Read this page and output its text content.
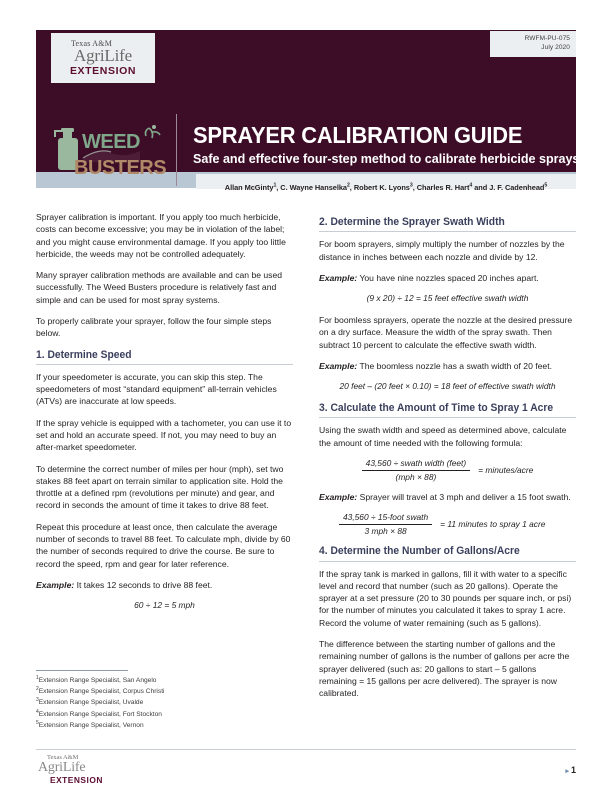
Texas A&M
AgriLife
EXTENSION
RWFM-PU-075
July 2020
WEED
BUSTERS
SPRAYER CALIBRATION GUIDE
Safe and effective four-step method to calibrate herbicide sprays
Allan McGinty$^1$, C. Wayne Hanselka$^2$, Robert K. Lyons$^3$, Charles R. Hart$^4$ and J. F. Cadenhead$^5$

Sprayer calibration is important. If you apply too much herbicide, costs can become excessive; you may be in violation of the label; and you might cause environmental damage. If you apply too little herbicide, the weeds may not be controlled adequately.

Many sprayer calibration methods are available and can be used successfully. The Weed Busters procedure is relatively fast and simple and can be used for most spray systems.

To properly calibrate your sprayer, follow the four simple steps below.

1. Determine Speed

If your speedometer is accurate, you can skip this step. The speedometers of most “standard equipment” all-terrain vehicles (ATVs) are inaccurate at low speeds.

If the spray vehicle is equipped with a tachometer, you can use it to set and hold an accurate speed. If not, you may need to buy an after-market speedometer.

To determine the correct number of miles per hour (mph), set two stakes 88 feet apart on terrain similar to application site. Hold the throttle at a defined rpm (revolutions per minute) and gear, and record in seconds the amount of time it takes to drive 88 feet.

Repeat this procedure at least once, then calculate the average number of seconds to travel 88 feet. To calculate mph, divide by 60 the number of seconds required to drive the course. Be sure to record the speed, rpm and gear for later reference.

Example: It takes 12 seconds to drive 88 feet.

60 ÷ 12 = 5 mph
2. Determine the Sprayer Swath Width

For boom sprayers, simply multiply the number of nozzles by the distance in inches between each nozzle and divide by 12.

Example: You have nine nozzles spaced 20 inches apart.

(9 x 20) ÷ 12 = 15 feet effective swath width

For boomless sprayers, operate the nozzle at the desired pressure on a dry surface. Measure the width of the spray swath. Then subtract 10 percent to calculate the effective swath width.

Example: The boomless nozzle has a swath width of 20 feet.

20 feet – (20 feet × 0.10) = 18 feet of effective swath width
3. Calculate the Amount of Time to Spray 1 Acre

Using the swath width and speed as determined above, calculate the amount of time needed with the following formula:

$\frac{\text{43,560 ÷ swath width (feet)}}{\text{(mph × 88)}}$ = minutes/acre

Example: Sprayer will travel at 3 mph and deliver a 15 foot swath.

$\frac{\text{43,560 ÷ 15-foot swath}}{\text{3 mph × 88}} = 11$ minutes to spray 1 acre
4. Determine the Number of Gallons/Acre

If the spray tank is marked in gallons, fill it with water to a specific level and record that number (such as 20 gallons). Operate the sprayer at a set pressure (20 to 30 pounds per square inch, or psi) for the number of minutes you calculated it takes to spray 1 acre. Record the volume of water remaining (such as 5 gallons).

The difference between the starting number of gallons and the remaining number of gallons is the number of gallons per acre the sprayer delivered (such as: 20 gallons to start – 5 gallons remaining = 15 gallons per acre delivered). The sprayer is now calibrated.

$^1$Extension Range Specialist, San Angelo
$^2$Extension Range Specialist, Corpus Christi
$^3$Extension Range Specialist, Uvalde
$^4$Extension Range Specialist, Fort Stockton
$^5$Extension Range Specialist, Vernon
Texas A&M
AgriLife
EXTENSION
▸ 1
